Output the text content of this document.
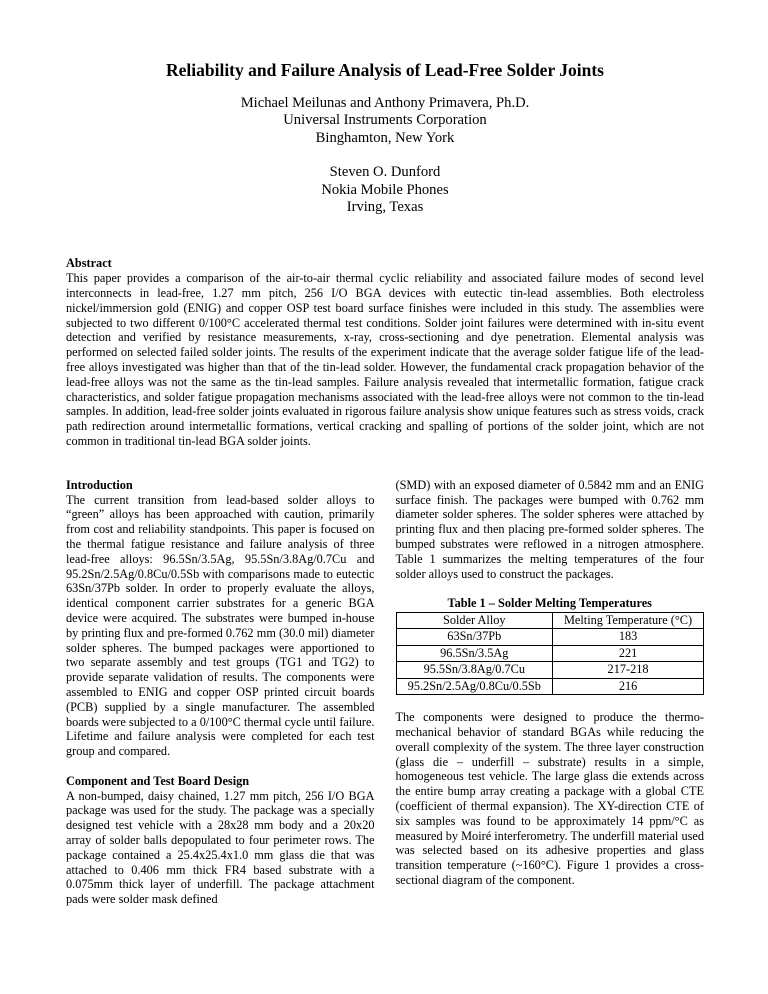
Reliability and Failure Analysis of Lead-Free Solder Joints
Michael Meilunas and Anthony Primavera, Ph.D.
Universal Instruments Corporation
Binghamton, New York
Steven O. Dunford
Nokia Mobile Phones
Irving, Texas
Abstract
This paper provides a comparison of the air-to-air thermal cyclic reliability and associated failure modes of second level interconnects in lead-free, 1.27 mm pitch, 256 I/O BGA devices with eutectic tin-lead assemblies. Both electroless nickel/immersion gold (ENIG) and copper OSP test board surface finishes were included in this study. The assemblies were subjected to two different 0/100°C accelerated thermal test conditions. Solder joint failures were determined with in-situ event detection and verified by resistance measurements, x-ray, cross-sectioning and dye penetration. Elemental analysis was performed on selected failed solder joints. The results of the experiment indicate that the average solder fatigue life of the lead-free alloys investigated was higher than that of the tin-lead solder. However, the fundamental crack propagation behavior of the lead-free alloys was not the same as the tin-lead samples. Failure analysis revealed that intermetallic formation, fatigue crack characteristics, and solder fatigue propagation mechanisms associated with the lead-free alloys were not common to the tin-lead samples. In addition, lead-free solder joints evaluated in rigorous failure analysis show unique features such as stress voids, crack path redirection around intermetallic formations, vertical cracking and spalling of portions of the solder joint, which are not common in traditional tin-lead BGA solder joints.
Introduction
The current transition from lead-based solder alloys to “green” alloys has been approached with caution, primarily from cost and reliability standpoints. This paper is focused on the thermal fatigue resistance and failure analysis of three lead-free alloys: 96.5Sn/3.5Ag, 95.5Sn/3.8Ag/0.7Cu and 95.2Sn/2.5Ag/0.8Cu/0.5Sb with comparisons made to eutectic 63Sn/37Pb solder. In order to properly evaluate the alloys, identical component carrier substrates for a generic BGA device were acquired. The substrates were bumped in-house by printing flux and pre-formed 0.762 mm (30.0 mil) diameter solder spheres. The bumped packages were apportioned to two separate assembly and test groups (TG1 and TG2) to provide separate validation of results. The components were assembled to ENIG and copper OSP printed circuit boards (PCB) supplied by a single manufacturer. The assembled boards were subjected to a 0/100°C thermal cycle until failure. Lifetime and failure analysis were completed for each test group and compared.
Component and Test Board Design
A non-bumped, daisy chained, 1.27 mm pitch, 256 I/O BGA package was used for the study. The package was a specially designed test vehicle with a 28x28 mm body and a 20x20 array of solder balls depopulated to four perimeter rows. The package contained a 25.4x25.4x1.0 mm glass die that was attached to 0.406 mm thick FR4 based substrate with a 0.075mm thick layer of underfill. The package attachment pads were solder mask defined
(SMD) with an exposed diameter of 0.5842 mm and an ENIG surface finish. The packages were bumped with 0.762 mm diameter solder spheres. The solder spheres were attached by printing flux and then placing pre-formed solder spheres. The bumped substrates were reflowed in a nitrogen atmosphere. Table 1 summarizes the melting temperatures of the four solder alloys used to construct the packages.
Table 1 – Solder Melting Temperatures
Solder Alloy	Melting Temperature (°C)
63Sn/37Pb	183
96.5Sn/3.5Ag	221
95.5Sn/3.8Ag/0.7Cu	217-218
95.2Sn/2.5Ag/0.8Cu/0.5Sb	216
The components were designed to produce the thermo-mechanical behavior of standard BGAs while reducing the overall complexity of the system. The three layer construction (glass die – underfill – substrate) results in a simple, homogeneous test vehicle. The large glass die extends across the entire bump array creating a package with a global CTE (coefficient of thermal expansion). The XY-direction CTE of six samples was found to be approximately 14 ppm/°C as measured by Moiré interferometry. The underfill material used was selected based on its adhesive properties and glass transition temperature (~160°C). Figure 1 provides a cross-sectional diagram of the component.
